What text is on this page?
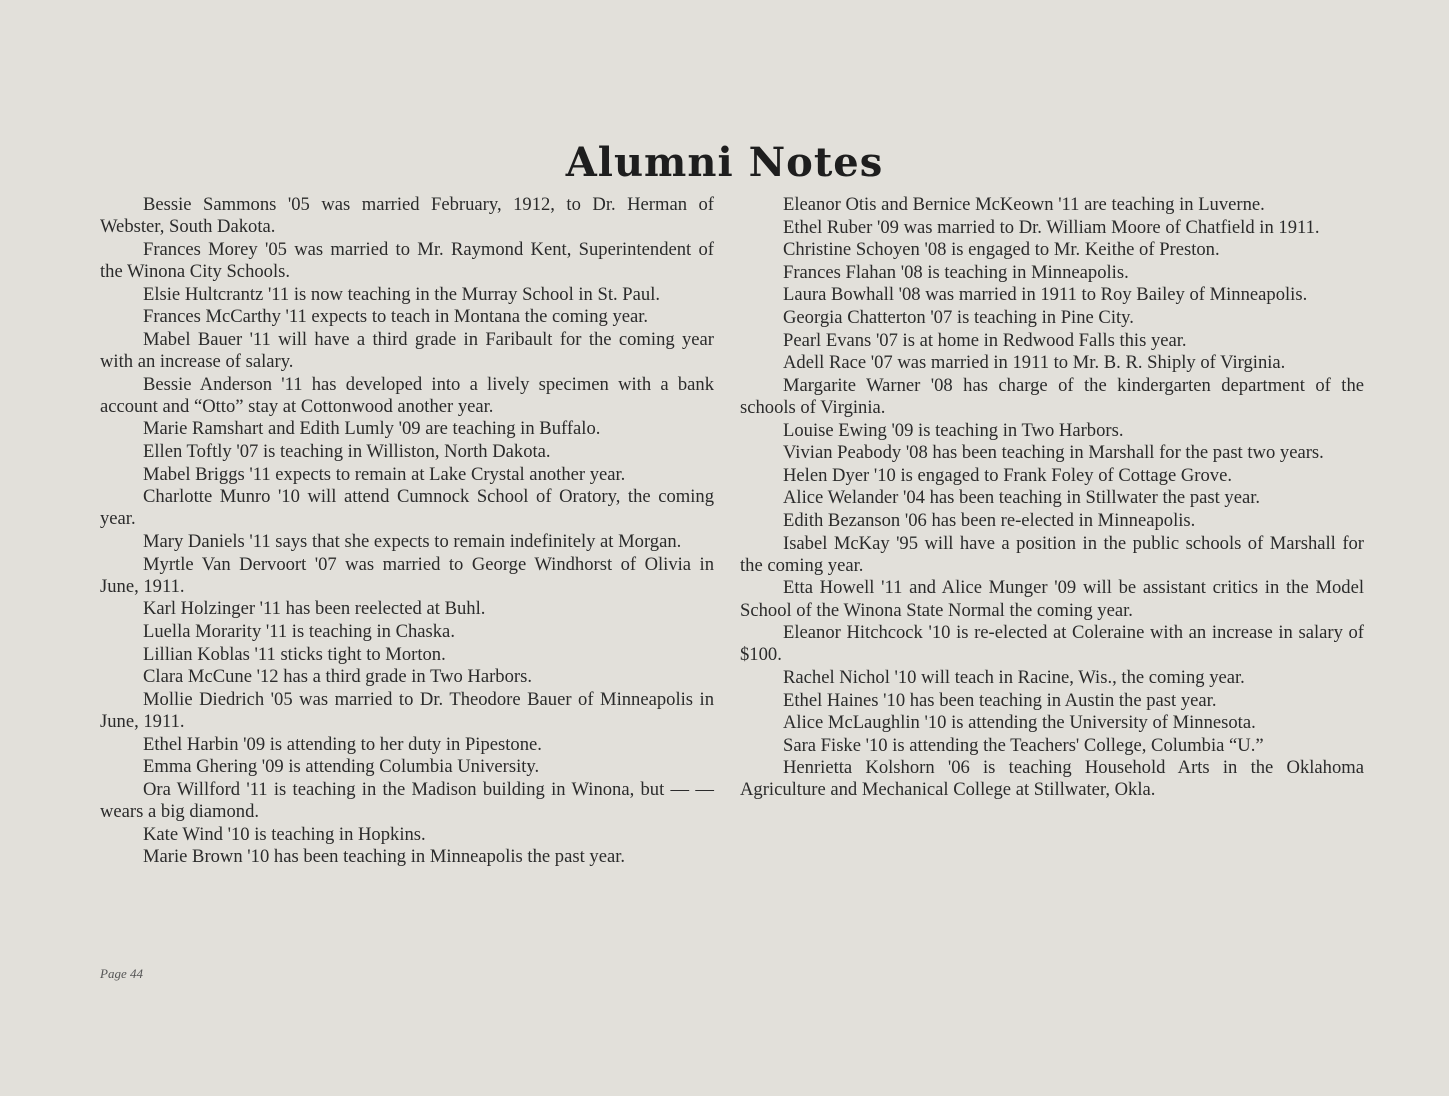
Alumni Notes

Bessie Sammons '05 was married February, 1912, to Dr. Herman of Webster, South Dakota.

Frances Morey '05 was married to Mr. Raymond Kent, Superintendent of the Winona City Schools.

Elsie Hultcrantz '11 is now teaching in the Murray School in St. Paul.

Frances McCarthy '11 expects to teach in Montana the coming year.

Mabel Bauer '11 will have a third grade in Faribault for the coming year with an increase of salary.

Bessie Anderson '11 has developed into a lively specimen with a bank account and “Otto” stay at Cottonwood another year.

Marie Ramshart and Edith Lumly '09 are teaching in Buffalo.

Ellen Toftly '07 is teaching in Williston, North Dakota.

Mabel Briggs '11 expects to remain at Lake Crystal another year.

Charlotte Munro '10 will attend Cumnock School of Oratory, the coming year.

Mary Daniels '11 says that she expects to remain indefinitely at Morgan.

Myrtle Van Dervoort '07 was married to George Windhorst of Olivia in June, 1911.

Karl Holzinger '11 has been reelected at Buhl.

Luella Morarity '11 is teaching in Chaska.

Lillian Koblas '11 sticks tight to Morton.

Clara McCune '12 has a third grade in Two Harbors.

Mollie Diedrich '05 was married to Dr. Theodore Bauer of Minneapolis in June, 1911.

Ethel Harbin '09 is attending to her duty in Pipestone.

Emma Ghering '09 is attending Columbia University.

Ora Willford '11 is teaching in the Madison building in Winona, but — — wears a big diamond.

Kate Wind '10 is teaching in Hopkins.

Marie Brown '10 has been teaching in Minneapolis the past year.

Eleanor Otis and Bernice McKeown '11 are teaching in Luverne.

Ethel Ruber '09 was married to Dr. William Moore of Chatfield in 1911.

Christine Schoyen '08 is engaged to Mr. Keithe of Preston.

Frances Flahan '08 is teaching in Minneapolis.

Laura Bowhall '08 was married in 1911 to Roy Bailey of Minneapolis.

Georgia Chatterton '07 is teaching in Pine City.

Pearl Evans '07 is at home in Redwood Falls this year.

Adell Race '07 was married in 1911 to Mr. B. R. Shiply of Virginia.

Margarite Warner '08 has charge of the kindergarten department of the schools of Virginia.

Louise Ewing '09 is teaching in Two Harbors.

Vivian Peabody '08 has been teaching in Marshall for the past two years.

Helen Dyer '10 is engaged to Frank Foley of Cottage Grove.

Alice Welander '04 has been teaching in Stillwater the past year.

Edith Bezanson '06 has been re-elected in Minneapolis.

Isabel McKay '95 will have a position in the public schools of Marshall for the coming year.

Etta Howell '11 and Alice Munger '09 will be assistant critics in the Model School of the Winona State Normal the coming year.

Eleanor Hitchcock '10 is re-elected at Coleraine with an increase in salary of $100.

Rachel Nichol '10 will teach in Racine, Wis., the coming year.

Ethel Haines '10 has been teaching in Austin the past year.

Alice McLaughlin '10 is attending the University of Minnesota.

Sara Fiske '10 is attending the Teachers' College, Columbia “U.”

Henrietta Kolshorn '06 is teaching Household Arts in the Oklahoma Agriculture and Mechanical College at Stillwater, Okla.

Page 44
